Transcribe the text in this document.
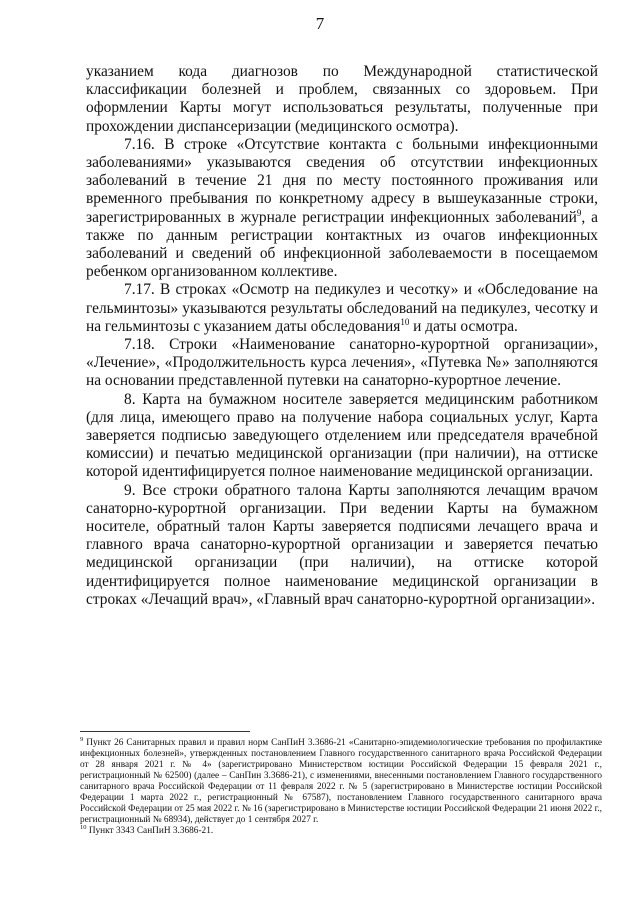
7

указанием кода диагнозов по Международной статистической классификации болезней и проблем, связанных со здоровьем. При оформлении Карты могут использоваться результаты, полученные при прохождении диспансеризации (медицинского осмотра).

7.16. В строке «Отсутствие контакта с больными инфекционными заболеваниями» указываются сведения об отсутствии инфекционных заболеваний в течение 21 дня по месту постоянного проживания или временного пребывания по конкретному адресу в вышеуказанные строки, зарегистрированных в журнале регистрации инфекционных заболеваний$^9$, а также по данным регистрации контактных из очагов инфекционных заболеваний и сведений об инфекционной заболеваемости в посещаемом ребенком организованном коллективе.

7.17. В строках «Осмотр на педикулез и чесотку» и «Обследование на гельминтозы» указываются результаты обследований на педикулез, чесотку и на гельминтозы с указанием даты обследования$^{10}$ и даты осмотра.

7.18. Строки «Наименование санаторно-курортной организации», «Лечение», «Продолжительность курса лечения», «Путевка №» заполняются на основании представленной путевки на санаторно-курортное лечение.

8. Карта на бумажном носителе заверяется медицинским работником (для лица, имеющего право на получение набора социальных услуг, Карта заверяется подписью заведующего отделением или председателя врачебной комиссии) и печатью медицинской организации (при наличии), на оттиске которой идентифицируется полное наименование медицинской организации.

9. Все строки обратного талона Карты заполняются лечащим врачом санаторно-курортной организации. При ведении Карты на бумажном носителе, обратный талон Карты заверяется подписями лечащего врача и главного врача санаторно-курортной организации и заверяется печатью медицинской организации (при наличии), на оттиске которой идентифицируется полное наименование медицинской организации в строках «Лечащий врач», «Главный врач санаторно-курортной организации».

$^9$ Пункт 26 Санитарных правил и правил норм СанПиН 3.3686-21 «Санитарно-эпидемиологические требования по профилактике инфекционных болезней», утвержденных постановлением Главного государственного санитарного врача Российской Федерации от 28 января 2021 г. № 4» (зарегистрировано Министерством юстиции Российской Федерации 15 февраля 2021 г., регистрационный № 62500) (далее – СанПин 3.3686-21), с изменениями, внесенными постановлением Главного государственного санитарного врача Российской Федерации от 11 февраля 2022 г. № 5 (зарегистрировано в Министерстве юстиции Российской Федерации 1 марта 2022 г., регистрационный № 67587), постановлением Главного государственного санитарного врача Российской Федерации от 25 мая 2022 г. № 16 (зарегистрировано в Министерстве юстиции Российской Федерации 21 июня 2022 г., регистрационный № 68934), действует до 1 сентября 2027 г.

$^{10}$ Пункт 3343 СанПиН 3.3686-21.
